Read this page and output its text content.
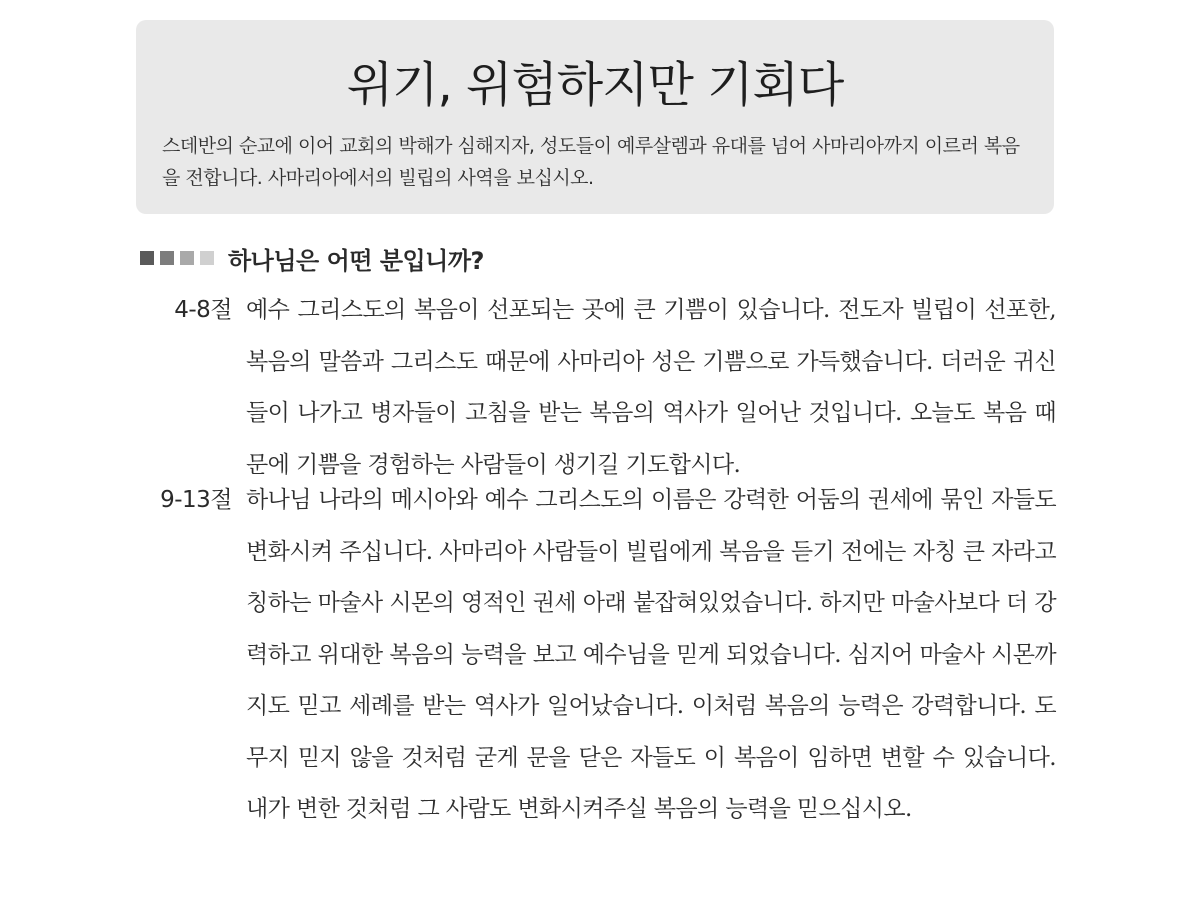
위기, 위험하지만 기회다
스데반의 순교에 이어 교회의 박해가 심해지자, 성도들이 예루살렘과 유대를 넘어 사마리아까지 이르러 복음을 전합니다. 사마리아에서의 빌립의 사역을 보십시오.
하나님은 어떤 분입니까?
4-8절 예수 그리스도의 복음이 선포되는 곳에 큰 기쁨이 있습니다. 전도자 빌립이 선포한, 복음의 말씀과 그리스도 때문에 사마리아 성은 기쁨으로 가득했습니다. 더러운 귀신들이 나가고 병자들이 고침을 받는 복음의 역사가 일어난 것입니다. 오늘도 복음 때문에 기쁨을 경험하는 사람들이 생기길 기도합시다.
9-13절 하나님 나라의 메시아와 예수 그리스도의 이름은 강력한 어둠의 권세에 묶인 자들도 변화시켜 주십니다. 사마리아 사람들이 빌립에게 복음을 듣기 전에는 자칭 큰 자라고 칭하는 마술사 시몬의 영적인 권세 아래 붙잡혀있었습니다. 하지만 마술사보다 더 강력하고 위대한 복음의 능력을 보고 예수님을 믿게 되었습니다. 심지어 마술사 시몬까지도 믿고 세례를 받는 역사가 일어났습니다. 이처럼 복음의 능력은 강력합니다. 도무지 믿지 않을 것처럼 굳게 문을 닫은 자들도 이 복음이 임하면 변할 수 있습니다. 내가 변한 것처럼 그 사람도 변화시켜주실 복음의 능력을 믿으십시오.
